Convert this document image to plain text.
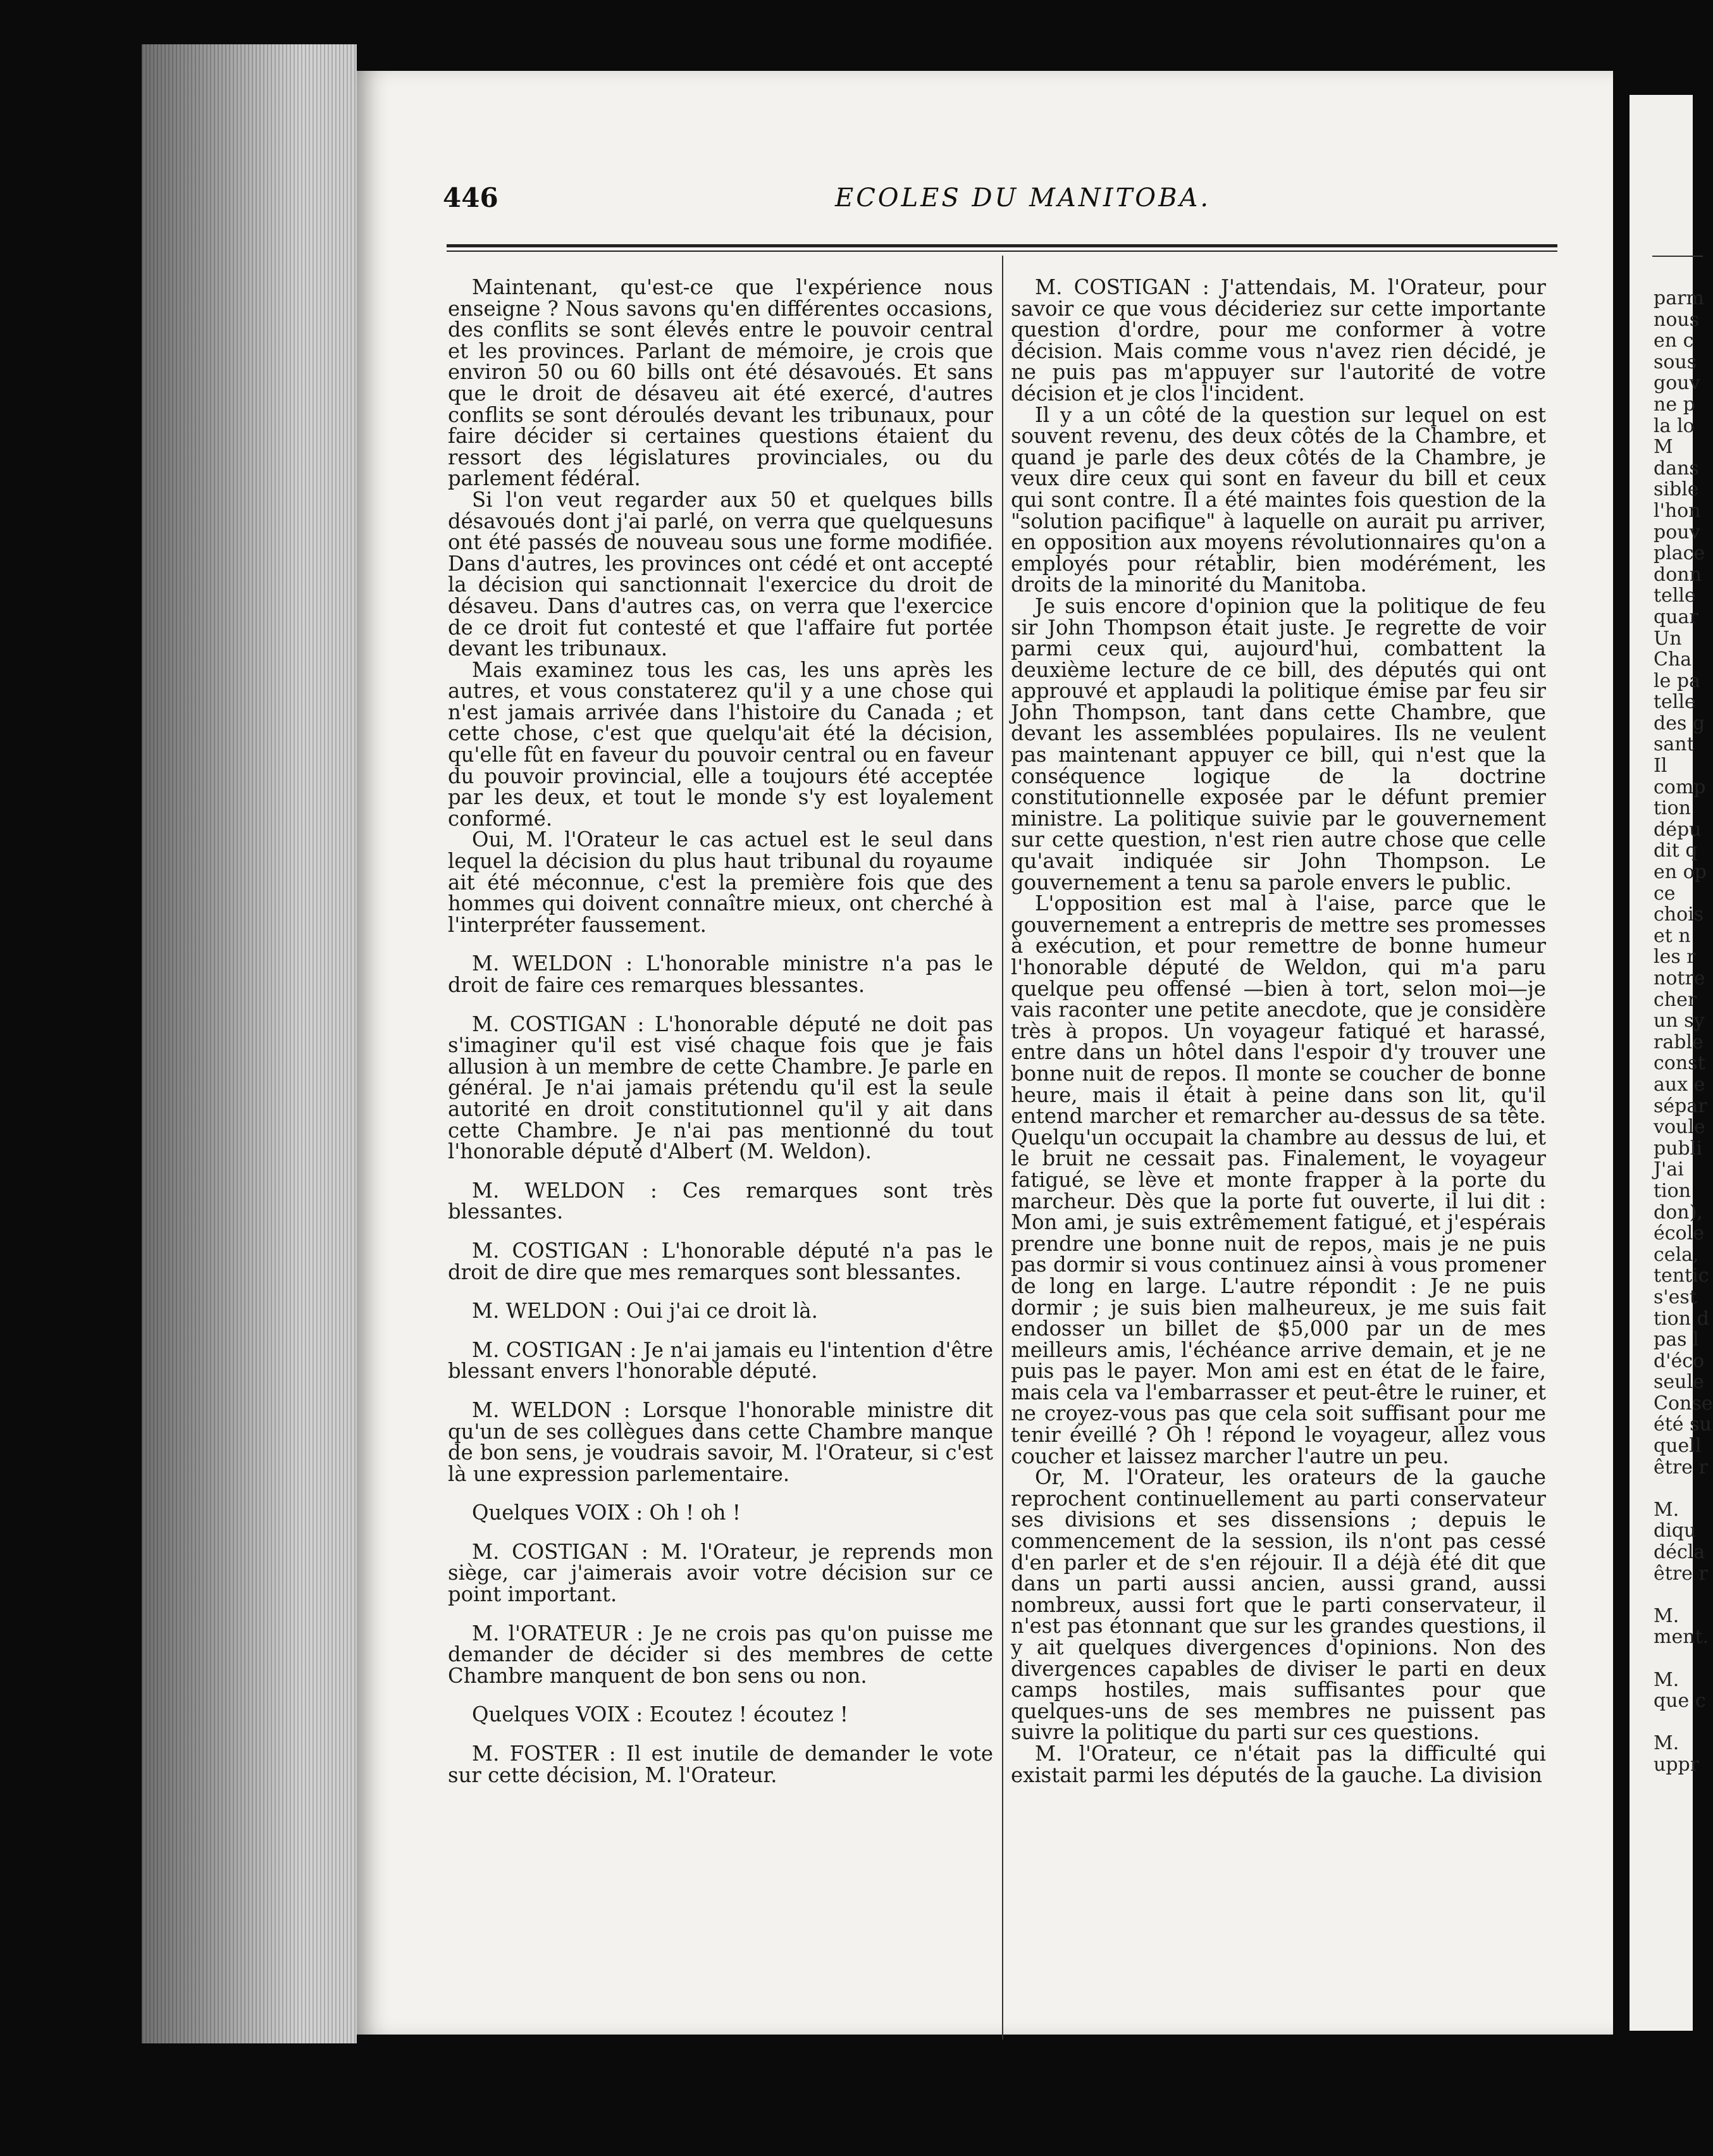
446	ECOLES DU MANITOBA.

Maintenant, qu'est-ce que l'expérience nous enseigne ? Nous savons qu'en différentes occasions, des conflits se sont élevés entre le pouvoir central et les provinces. Parlant de mémoire, je crois que environ 50 ou 60 bills ont été désavoués. Et sans que le droit de désaveu ait été exercé, d'autres conflits se sont déroulés devant les tribunaux, pour faire décider si certaines questions étaient du ressort des législatures provinciales, ou du parlement fédéral.

Si l'on veut regarder aux 50 et quelques bills désavoués dont j'ai parlé, on verra que quelquesuns ont été passés de nouveau sous une forme modifiée. Dans d'autres, les provinces ont cédé et ont accepté la décision qui sanctionnait l'exercice du droit de désaveu. Dans d'autres cas, on verra que l'exercice de ce droit fut contesté et que l'affaire fut portée devant les tribunaux.

Mais examinez tous les cas, les uns après les autres, et vous constaterez qu'il y a une chose qui n'est jamais arrivée dans l'histoire du Canada ; et cette chose, c'est que quelqu'ait été la décision, qu'elle fût en faveur du pouvoir central ou en faveur du pouvoir provincial, elle a toujours été acceptée par les deux, et tout le monde s'y est loyalement conformé.

Oui, M. l'Orateur le cas actuel est le seul dans lequel la décision du plus haut tribunal du royaume ait été méconnue, c'est la première fois que des hommes qui doivent connaître mieux, ont cherché à l'interpréter faussement.

M. WELDON : L'honorable ministre n'a pas le droit de faire ces remarques blessantes.

M. COSTIGAN : L'honorable député ne doit pas s'imaginer qu'il est visé chaque fois que je fais allusion à un membre de cette Chambre. Je parle en général. Je n'ai jamais prétendu qu'il est la seule autorité en droit constitutionnel qu'il y ait dans cette Chambre. Je n'ai pas mentionné du tout l'honorable député d'Albert (M. Weldon).

M. WELDON : Ces remarques sont très blessantes.

M. COSTIGAN : L'honorable député n'a pas le droit de dire que mes remarques sont blessantes.

M. WELDON : Oui j'ai ce droit là.

M. COSTIGAN : Je n'ai jamais eu l'intention d'être blessant envers l'honorable député.

M. WELDON : Lorsque l'honorable ministre dit qu'un de ses collègues dans cette Chambre manque de bon sens, je voudrais savoir, M. l'Orateur, si c'est là une expression parlementaire.

Quelques VOIX : Oh ! oh !

M. COSTIGAN : M. l'Orateur, je reprends mon siège, car j'aimerais avoir votre décision sur ce point important.

M. l'ORATEUR : Je ne crois pas qu'on puisse me demander de décider si des membres de cette Chambre manquent de bon sens ou non.

Quelques VOIX : Ecoutez ! écoutez !

M. FOSTER : Il est inutile de demander le vote sur cette décision, M. l'Orateur.

M. COSTIGAN : J'attendais, M. l'Orateur, pour savoir ce que vous décideriez sur cette importante question d'ordre, pour me conformer à votre décision. Mais comme vous n'avez rien décidé, je ne puis pas m'appuyer sur l'autorité de votre décision et je clos l'incident.

Il y a un côté de la question sur lequel on est souvent revenu, des deux côtés de la Chambre, et quand je parle des deux côtés de la Chambre, je veux dire ceux qui sont en faveur du bill et ceux qui sont contre. Il a été maintes fois question de la "solution pacifique" à laquelle on aurait pu arriver, en opposition aux moyens révolutionnaires qu'on a employés pour rétablir, bien modérément, les droits de la minorité du Manitoba.

Je suis encore d'opinion que la politique de feu sir John Thompson était juste. Je regrette de voir parmi ceux qui, aujourd'hui, combattent la deuxième lecture de ce bill, des députés qui ont approuvé et applaudi la politique émise par feu sir John Thompson, tant dans cette Chambre, que devant les assemblées populaires. Ils ne veulent pas maintenant appuyer ce bill, qui n'est que la conséquence logique de la doctrine constitutionnelle exposée par le défunt premier ministre. La politique suivie par le gouvernement sur cette question, n'est rien autre chose que celle qu'avait indiquée sir John Thompson. Le gouvernement a tenu sa parole envers le public.

L'opposition est mal à l'aise, parce que le gouvernement a entrepris de mettre ses promesses à exécution, et pour remettre de bonne humeur l'honorable député de Weldon, qui m'a paru quelque peu offensé —bien à tort, selon moi—je vais raconter une petite anecdote, que je considère très à propos. Un voyageur fatiqué et harassé, entre dans un hôtel dans l'espoir d'y trouver une bonne nuit de repos. Il monte se coucher de bonne heure, mais il était à peine dans son lit, qu'il entend marcher et remarcher au-dessus de sa tête. Quelqu'un occupait la chambre au dessus de lui, et le bruit ne cessait pas. Finalement, le voyageur fatigué, se lève et monte frapper à la porte du marcheur. Dès que la porte fut ouverte, il lui dit : Mon ami, je suis extrêmement fatigué, et j'espérais prendre une bonne nuit de repos, mais je ne puis pas dormir si vous continuez ainsi à vous promener de long en large. L'autre répondit : Je ne puis dormir ; je suis bien malheureux, je me suis fait endosser un billet de $5,000 par un de mes meilleurs amis, l'échéance arrive demain, et je ne puis pas le payer. Mon ami est en état de le faire, mais cela va l'embarrasser et peut-être le ruiner, et ne croyez-vous pas que cela soit suffisant pour me tenir éveillé ? Oh ! répond le voyageur, allez vous coucher et laissez marcher l'autre un peu.

Or, M. l'Orateur, les orateurs de la gauche reprochent continuellement au parti conservateur ses divisions et ses dissensions ; depuis le commencement de la session, ils n'ont pas cessé d'en parler et de s'en réjouir. Il a déjà été dit que dans un parti aussi ancien, aussi grand, aussi nombreux, aussi fort que le parti conservateur, il n'est pas étonnant que sur les grandes questions, il y ait quelques divergences d'opinions. Non des divergences capables de diviser le parti en deux camps hostiles, mais suffisantes pour que quelques-uns de ses membres ne puissent pas suivre la politique du parti sur ces questions.

M. l'Orateur, ce n'était pas la difficulté qui existait parmi les députés de la gauche. La division

parm
nous
en c
sous
gouv
ne p
la lo
M
dans
sible
l'hon
pouv
place
donn
telle
quar
Un
Cha
le pa
telle
des g
sant
Il
comp
tion
dépu
dit q
en op
ce
chois
et n
les r
notre
cher
un sy
rable
const
aux e
sépar
voule
publi
J'ai
tion
don),
école
cela,
tentic
s'est
tion d
pas l
d'éco
seule
Conse
été su
quell
être r
M.
diqu
décla
être r
M.
ment.
M.
que c
M.
uppr
